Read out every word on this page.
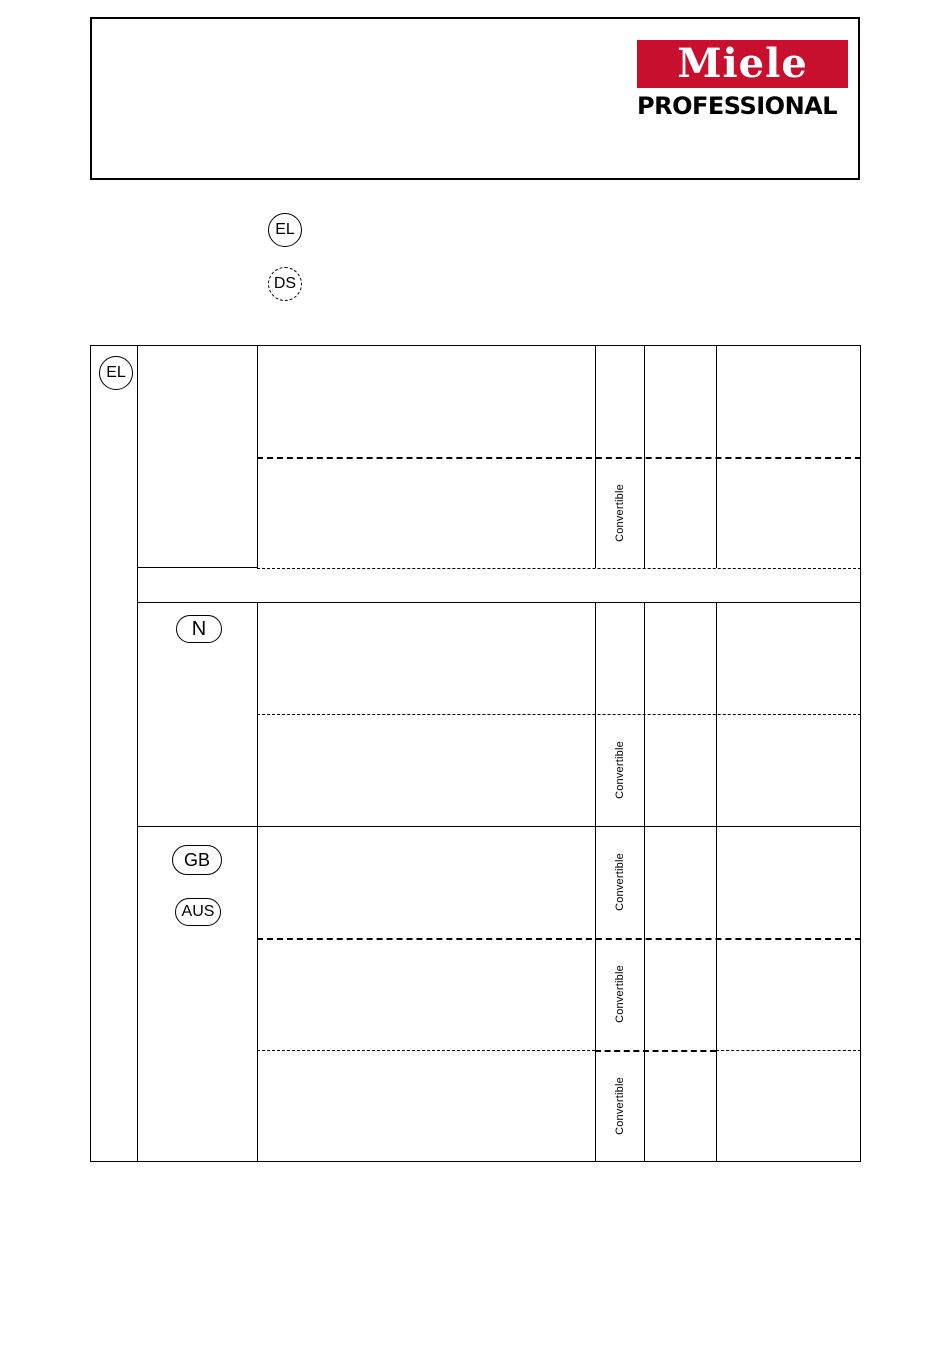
Miele
PROFESSIONAL
EL
DS
EL
N
GB
AUS
Convertible
Convertible
Convertible
Convertible
Convertible
